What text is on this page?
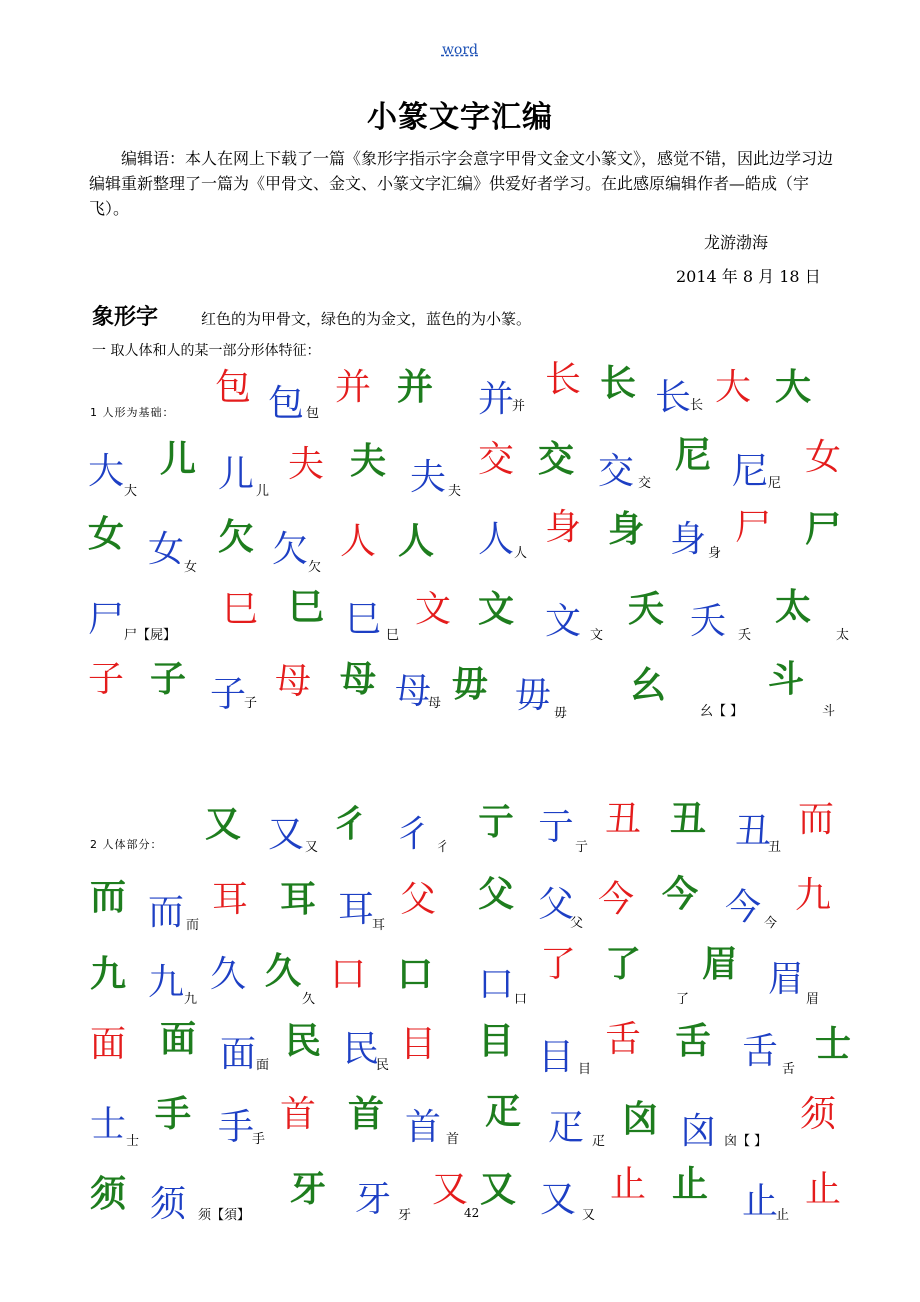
word
小篆文字汇编

编辑语：本人在网上下载了一篇《象形字指示字会意字甲骨文金文小篆文》，感觉不错，因此边学习边编辑重新整理了一篇为《甲骨文、金文、小篆文字汇编》供爱好者学习。在此感原编辑作者—皓成（宇飞）。

龙游渤海
2014 年 8 月 18 日
象形字	红色的为甲骨文，绿色的为金文，蓝色的为小篆。
一 取人体和人的某一部分形体特征：
1 人形为基础：
2 人体部分：
包 包 并 并 并 长 长 长 大 大
大 儿 儿 夫 夫 夫 交 交 交 尼 尼 女
女 女 欠 欠 人 人 人 身 身 身 尸 尸
尸	巳 巳 巳 文 文 文 夭 夭 太
子 子 子 母 母 母 毋 毋 幺	斗
又 又 彳 彳 亍 亍 丑 丑 丑 而
而 而 耳 耳 耳 父 父 父 今 今 今 九
九 九 久 久 口 口 口 了 了 眉 眉
面 面 面 民 民 目 目 目 舌 舌 舌 士
士 手 手 首 首 首 疋 疋 囟 囟 须
须 须	牙 牙 又 又 又 止 止 止 止
包	并	长
大	儿	夫
交	尼
女	欠
人	身
尸【屍】	巳	文	夭	太
子	母
毋	幺【 】	斗
又	彳	亍	丑
而	耳	父	今
九	久	口	了	眉
面	民	目	舌
士	手	首	疋	囟【 】
须【須】	牙	又	止
42
